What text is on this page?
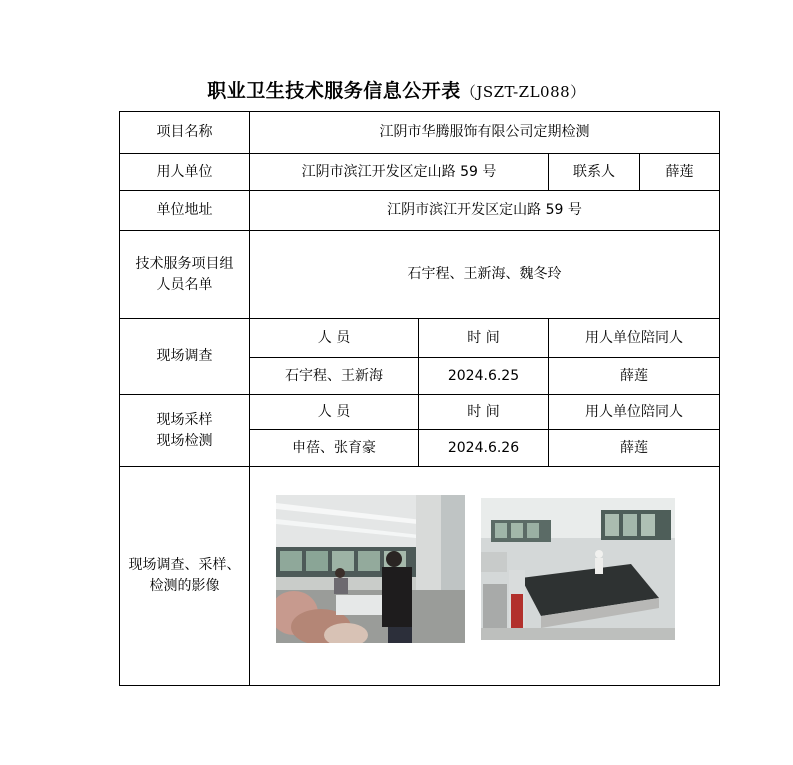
职业卫生技术服务信息公开表（JSZT-ZL088）
项目名称	江阴市华腾服饰有限公司定期检测			
用人单位	江阴市滨江开发区定山路 59 号		联系人	薛莲
单位地址	江阴市滨江开发区定山路 59 号			
技术服务项目组人员名单	石宇程、王新海、魏冬玲			
现场调查	人 员	时 间	用人单位陪同人	
	石宇程、王新海	2024.6.25	薛莲	
现场采样现场检测	人 员	时 间	用人单位陪同人	
	申蓓、张育豪	2024.6.26	薛莲	
现场调查、采样、检测的影像	
